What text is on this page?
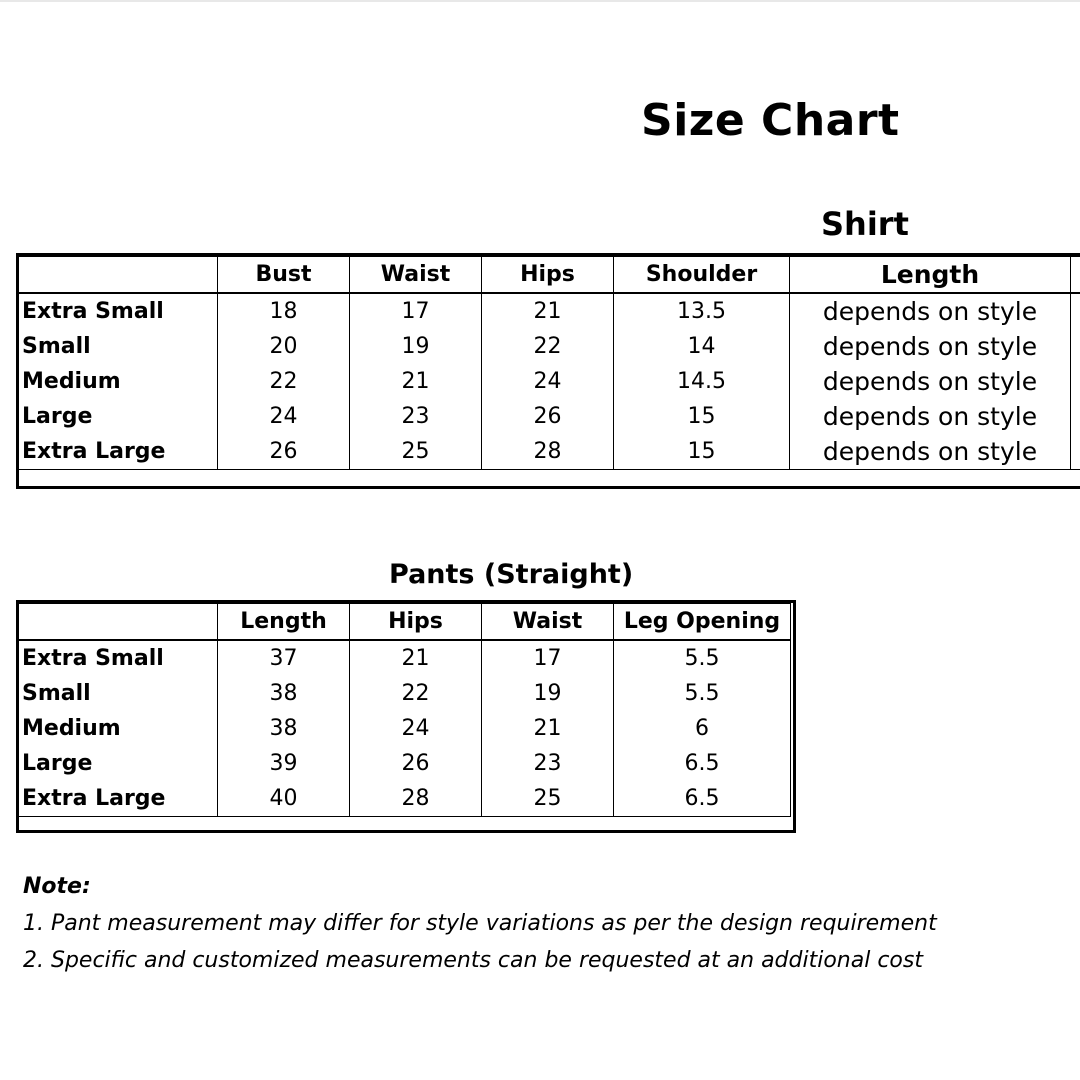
Size Chart
Shirt
	Bust	Waist	Hips	Shoulder	Length	
Extra Small	18	17	21	13.5	depends on style	
Small	20	19	22	14	depends on style	
Medium	22	21	24	14.5	depends on style	
Large	24	23	26	15	depends on style	
Extra Large	26	25	28	15	depends on style	
Pants (Straight)
	Length	Hips	Waist	Leg Opening
Extra Small	37	21	17	5.5
Small	38	22	19	5.5
Medium	38	24	21	6
Large	39	26	23	6.5
Extra Large	40	28	25	6.5
Note:
1. Pant measurement may differ for style variations as per the design requirement
2. Specific and customized measurements can be requested at an additional cost
